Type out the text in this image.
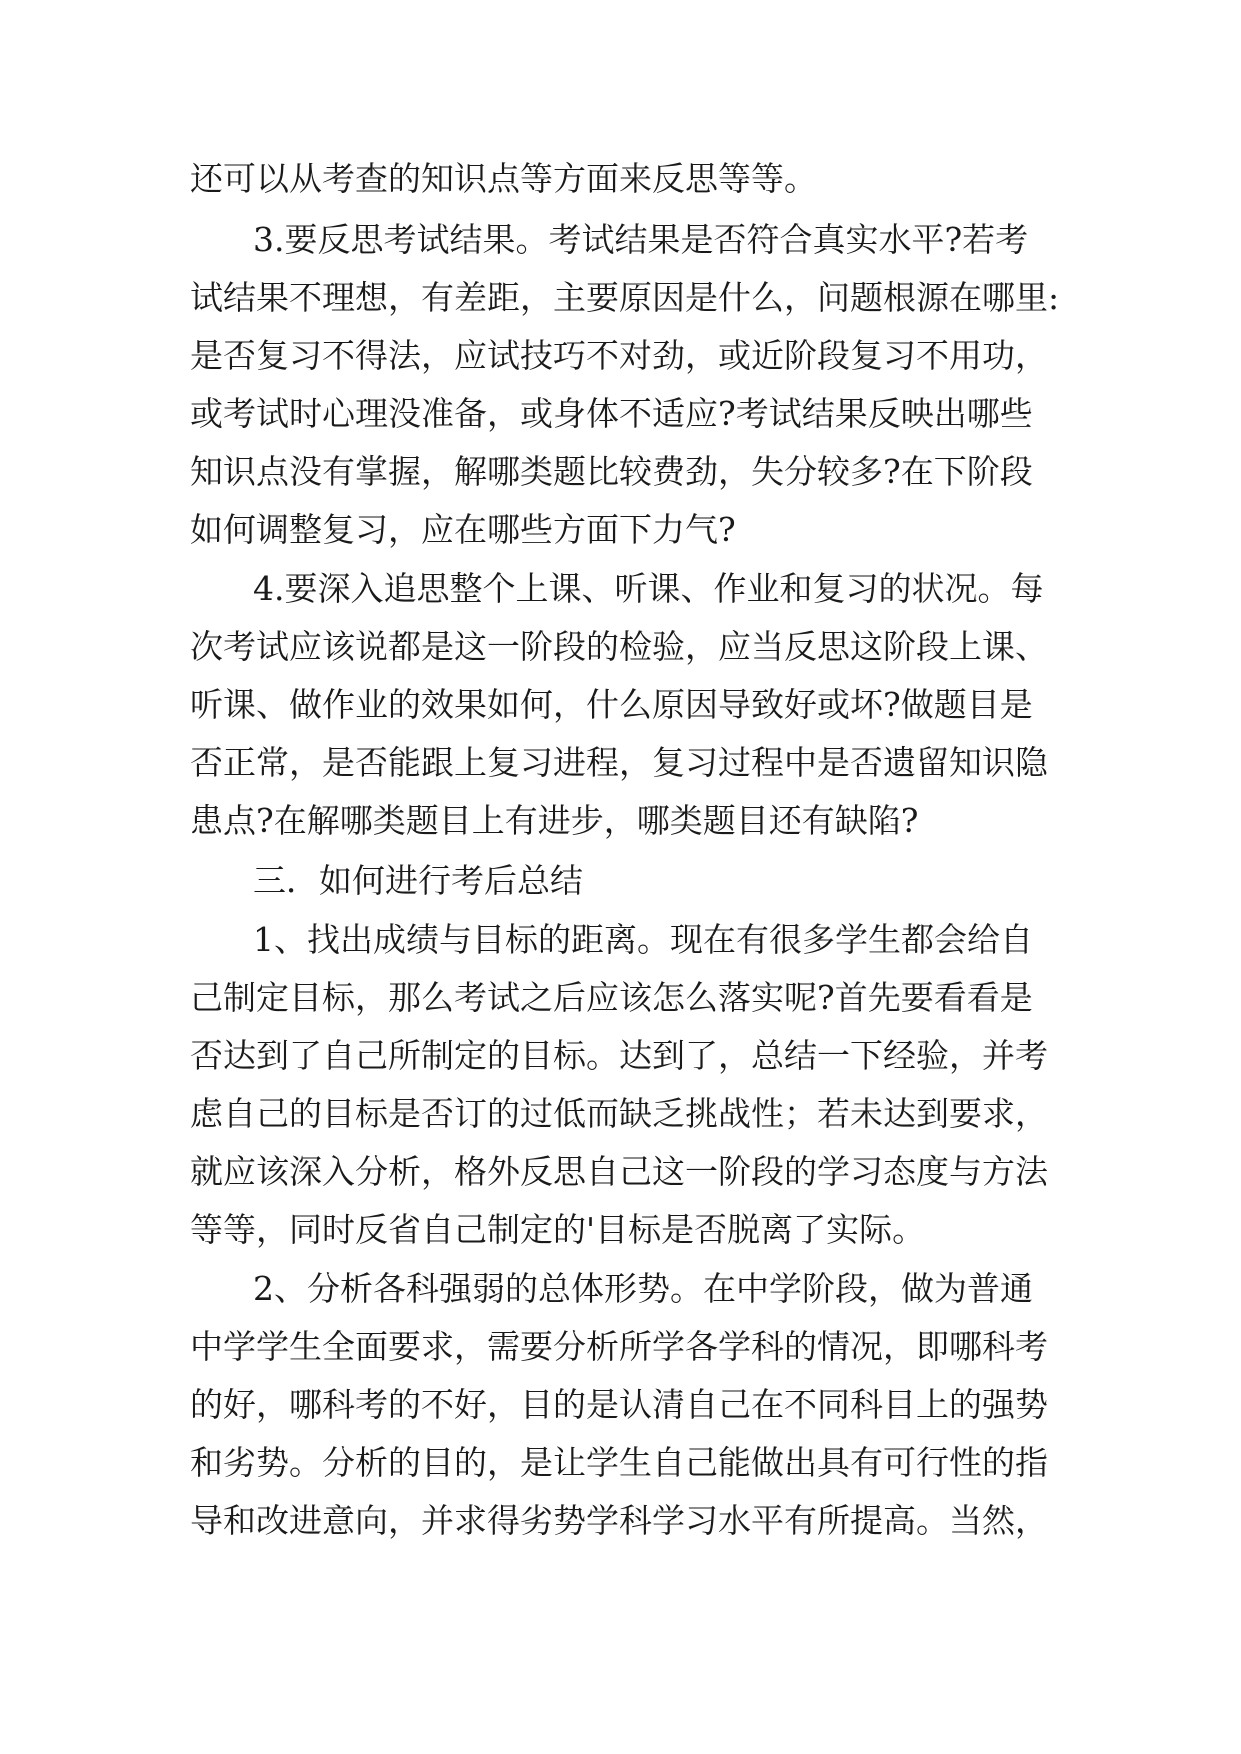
还可以从考查的知识点等方面来反思等等。
3.要反思考试结果。考试结果是否符合真实水平?若考
试结果不理想，有差距，主要原因是什么，问题根源在哪里:
是否复习不得法，应试技巧不对劲，或近阶段复习不用功，
或考试时心理没准备，或身体不适应?考试结果反映出哪些
知识点没有掌握，解哪类题比较费劲，失分较多?在下阶段
如何调整复习，应在哪些方面下力气?
4.要深入追思整个上课、听课、作业和复习的状况。每
次考试应该说都是这一阶段的检验，应当反思这阶段上课、
听课、做作业的效果如何，什么原因导致好或坏?做题目是
否正常，是否能跟上复习进程，复习过程中是否遗留知识隐
患点?在解哪类题目上有进步，哪类题目还有缺陷?
三．如何进行考后总结
1、找出成绩与目标的距离。现在有很多学生都会给自
己制定目标，那么考试之后应该怎么落实呢?首先要看看是
否达到了自己所制定的目标。达到了，总结一下经验，并考
虑自己的目标是否订的过低而缺乏挑战性；若未达到要求，
就应该深入分析，格外反思自己这一阶段的学习态度与方法
等等，同时反省自己制定的'目标是否脱离了实际。
2、分析各科强弱的总体形势。在中学阶段，做为普通
中学学生全面要求，需要分析所学各学科的情况，即哪科考
的好，哪科考的不好，目的是认清自己在不同科目上的强势
和劣势。分析的目的，是让学生自己能做出具有可行性的指
导和改进意向，并求得劣势学科学习水平有所提高。当然，
